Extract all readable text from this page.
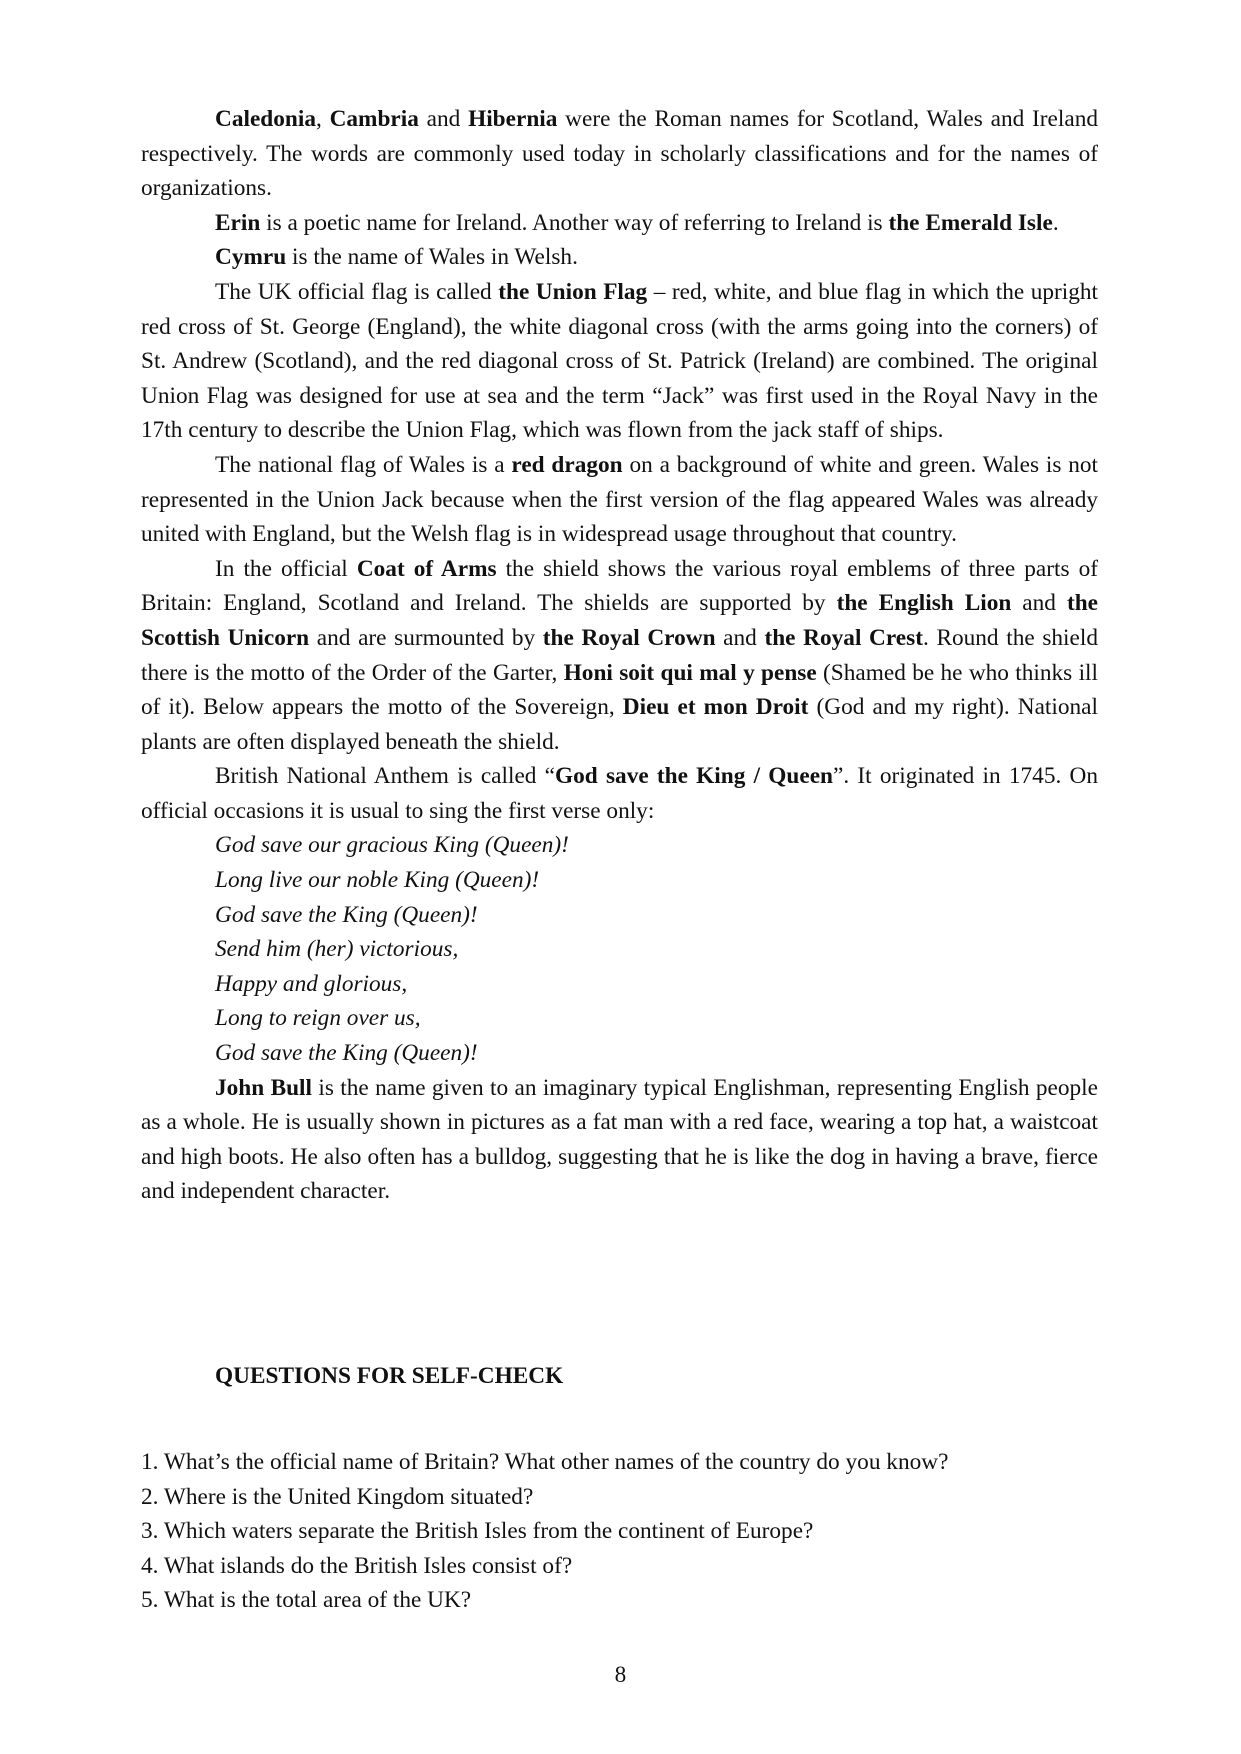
Caledonia, Cambria and Hibernia were the Roman names for Scotland, Wales and Ireland respectively. The words are commonly used today in scholarly classifications and for the names of organizations.

Erin is a poetic name for Ireland. Another way of referring to Ireland is the Emerald Isle.

Cymru is the name of Wales in Welsh.

The UK official flag is called the Union Flag – red, white, and blue flag in which the upright red cross of St. George (England), the white diagonal cross (with the arms going into the corners) of St. Andrew (Scotland), and the red diagonal cross of St. Patrick (Ireland) are combined. The original Union Flag was designed for use at sea and the term “Jack” was first used in the Royal Navy in the 17th century to describe the Union Flag, which was flown from the jack staff of ships.

The national flag of Wales is a red dragon on a background of white and green. Wales is not represented in the Union Jack because when the first version of the flag appeared Wales was already united with England, but the Welsh flag is in widespread usage throughout that country.

In the official Coat of Arms the shield shows the various royal emblems of three parts of Britain: England, Scotland and Ireland. The shields are supported by the English Lion and the Scottish Unicorn and are surmounted by the Royal Crown and the Royal Crest. Round the shield there is the motto of the Order of the Garter, Honi soit qui mal y pense (Shamed be he who thinks ill of it). Below appears the motto of the Sovereign, Dieu et mon Droit (God and my right). National plants are often displayed beneath the shield.

British National Anthem is called “God save the King / Queen”. It originated in 1745. On official occasions it is usual to sing the first verse only:

God save our gracious King (Queen)!
Long live our noble King (Queen)!
God save the King (Queen)!
Send him (her) victorious,
Happy and glorious,
Long to reign over us,
God save the King (Queen)!

John Bull is the name given to an imaginary typical Englishman, representing English people as a whole. He is usually shown in pictures as a fat man with a red face, wearing a top hat, a waistcoat and high boots. He also often has a bulldog, suggesting that he is like the dog in having a brave, fierce and independent character.

QUESTIONS FOR SELF-CHECK
1. What’s the official name of Britain? What other names of the country do you know?
2. Where is the United Kingdom situated?
3. Which waters separate the British Isles from the continent of Europe?
4. What islands do the British Isles consist of?
5. What is the total area of the UK?
8
